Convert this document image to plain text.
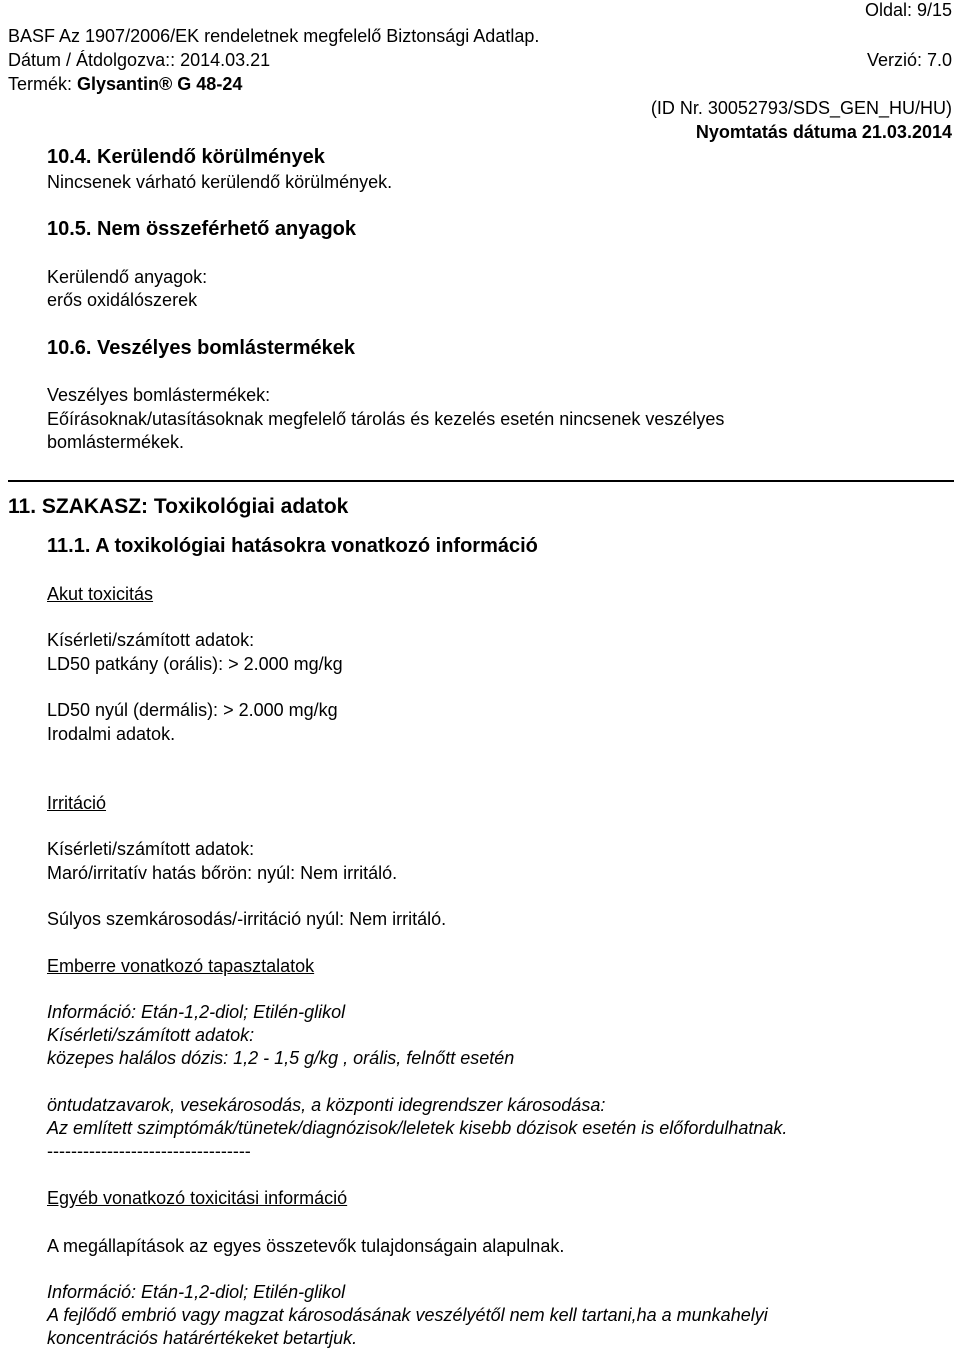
Oldal: 9/15
BASF Az 1907/2006/EK rendeletnek megfelelő Biztonsági Adatlap.
Dátum / Átdolgozva:: 2014.03.21	Verzió: 7.0
Termék: Glysantin® G 48-24
(ID Nr. 30052793/SDS_GEN_HU/HU)
Nyomtatás dátuma 21.03.2014
10.4. Kerülendő körülmények
Nincsenek várható kerülendő körülmények.
10.5. Nem összeférhető anyagok
Kerülendő anyagok:
erős oxidálószerek
10.6. Veszélyes bomlástermékek
Veszélyes bomlástermékek:
Eőírásoknak/utasításoknak megfelelő tárolás és kezelés esetén nincsenek veszélyes
bomlástermékek.
11. SZAKASZ: Toxikológiai adatok
11.1. A toxikológiai hatásokra vonatkozó információ
Akut toxicitás
Kísérleti/számított adatok:
LD50 patkány (orális): > 2.000 mg/kg
LD50 nyúl (dermális): > 2.000 mg/kg
Irodalmi adatok.
Irritáció
Kísérleti/számított adatok:
Maró/irritatív hatás bőrön: nyúl: Nem irritáló.
Súlyos szemkárosodás/-irritáció nyúl: Nem irritáló.
Emberre vonatkozó tapasztalatok
Információ: Etán-1,2-diol; Etilén-glikol
Kísérleti/számított adatok:
közepes halálos dózis: 1,2 - 1,5 g/kg , orális, felnőtt esetén
öntudatzavarok, vesekárosodás, a központi idegrendszer károsodása:
Az említett szimptómák/tünetek/diagnózisok/leletek kisebb dózisok esetén is előfordulhatnak.
----------------------------------
Egyéb vonatkozó toxicitási információ
A megállapítások az egyes összetevők tulajdonságain alapulnak.
Információ: Etán-1,2-diol; Etilén-glikol
A fejlődő embrió vagy magzat károsodásának veszélyétől nem kell tartani,ha a munkahelyi
koncentrációs határértékeket betartjuk.
